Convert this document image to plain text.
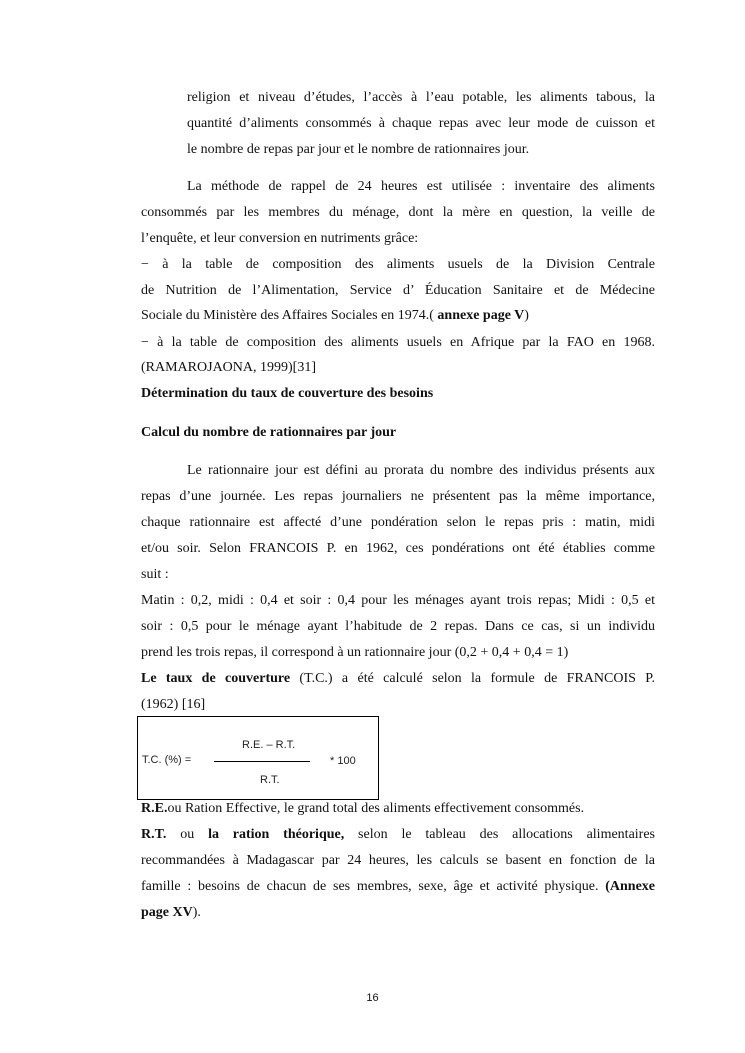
religion et niveau d’études, l’accès à l’eau potable, les aliments tabous, la
quantité d’aliments consommés à chaque repas avec leur mode de cuisson et
le nombre de repas par jour et le nombre de rationnaires jour.
La méthode de rappel de 24 heures est utilisée : inventaire des aliments
consommés par les membres du ménage, dont la mère en question, la veille de
l’enquête, et leur conversion en nutriments grâce:
− à la table de composition des aliments usuels de la Division Centrale
de Nutrition de l’Alimentation, Service d’ Éducation Sanitaire et de Médecine
Sociale du Ministère des Affaires Sociales en 1974.( annexe page V)
− à la table de composition des aliments usuels en Afrique par la FAO en 1968.
(RAMAROJAONA, 1999)[31]
Détermination du taux de couverture des besoins
Calcul du nombre de rationnaires par jour
Le rationnaire jour est défini au prorata du nombre des individus présents aux
repas d’une journée. Les repas journaliers ne présentent pas la même importance,
chaque rationnaire est affecté d’une pondération selon le repas pris : matin, midi
et/ou soir. Selon FRANCOIS P. en 1962, ces pondérations ont été établies comme
suit :
Matin : 0,2, midi : 0,4 et soir : 0,4 pour les ménages ayant trois repas; Midi : 0,5 et
soir : 0,5 pour le ménage ayant l’habitude de 2 repas. Dans ce cas, si un individu
prend les trois repas, il correspond à un rationnaire jour (0,2 + 0,4 + 0,4 = 1)
Le taux de couverture (T.C.) a été calculé selon la formule de FRANCOIS P.
(1962) [16]
T.C. (%) =
R.E. – R.T.
R.T.
* 100
R.E.ou Ration Effective, le grand total des aliments effectivement consommés.
R.T. ou la ration théorique, selon le tableau des allocations alimentaires
recommandées à Madagascar par 24 heures, les calculs se basent en fonction de la
famille : besoins de chacun de ses membres, sexe, âge et activité physique. (Annexe
page XV).
16
